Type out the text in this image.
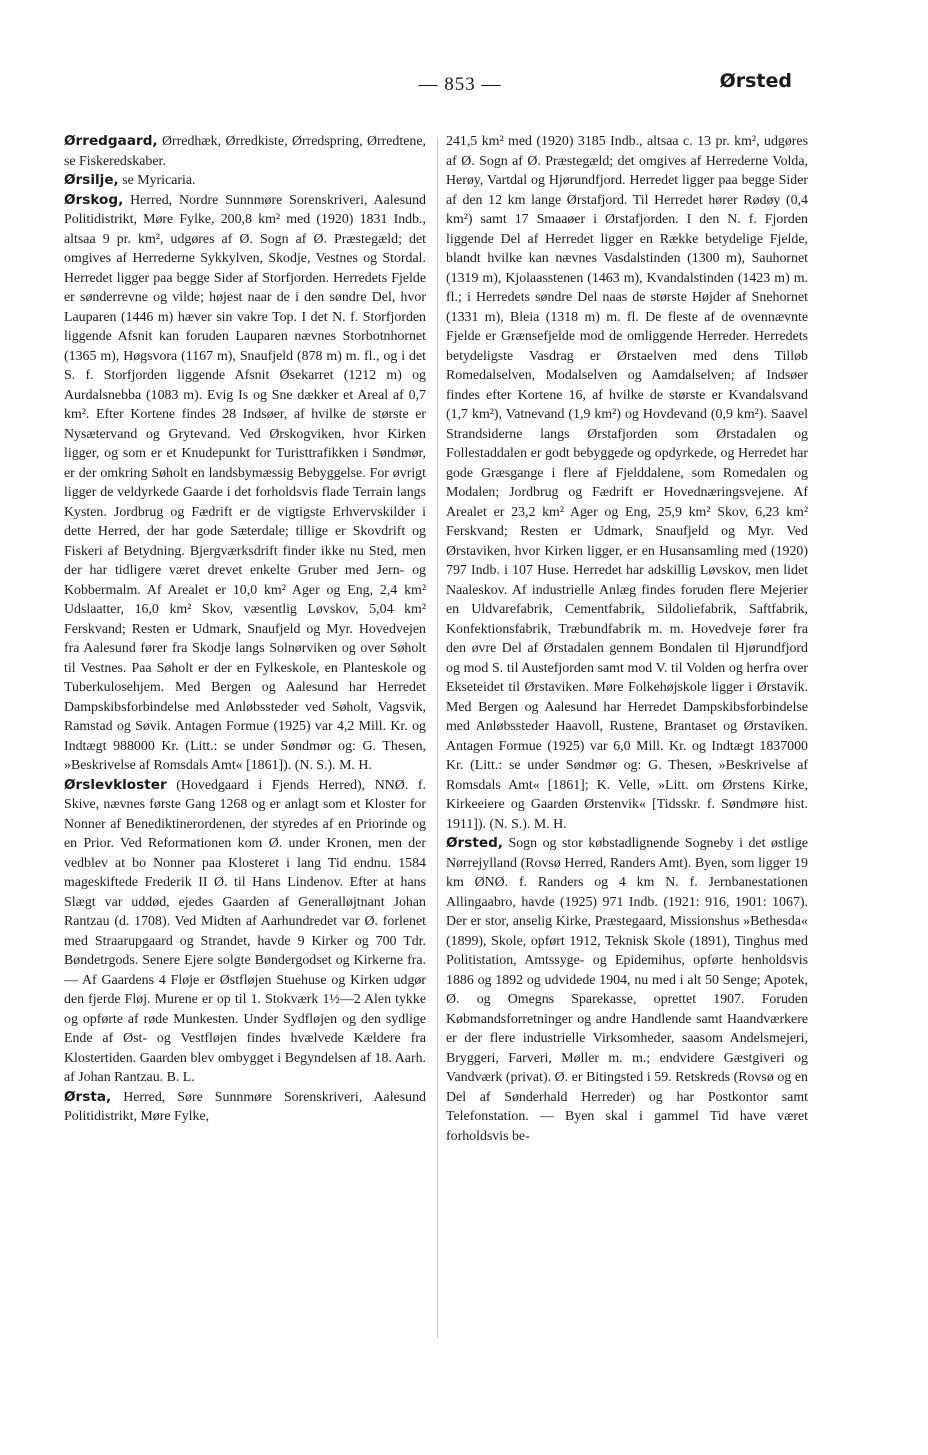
— 853 —	Ørsted

Ørredgaard, Ørredhæk, Ørredkiste, Ørredspring, Ørredtene, se Fiskeredskaber.

Ørsilje, se Myricaria.

Ørskog, Herred, Nordre Sunnmøre Sorenskriveri, Aalesund Politidistrikt, Møre Fylke, 200,8 km² med (1920) 1831 Indb., altsaa 9 pr. km², udgøres af Ø. Sogn af Ø. Præstegæld; det omgives af Herrederne Sykkylven, Skodje, Vestnes og Stordal. Herredet ligger paa begge Sider af Storfjorden. Herredets Fjelde er sønderrevne og vilde; højest naar de i den søndre Del, hvor Lauparen (1446 m) hæver sin vakre Top. I det N. f. Storfjorden liggende Afsnit kan foruden Lauparen nævnes Storbotnhornet (1365 m), Høgsvora (1167 m), Snaufjeld (878 m) m. fl., og i det S. f. Storfjorden liggende Afsnit Øsekarret (1212 m) og Aurdalsnebba (1083 m). Evig Is og Sne dækker et Areal af 0,7 km². Efter Kortene findes 28 Indsøer, af hvilke de største er Nysætervand og Grytevand. Ved Ørskogviken, hvor Kirken ligger, og som er et Knudepunkt for Turisttrafikken i Søndmør, er der omkring Søholt en landsbymæssig Bebyggelse. For øvrigt ligger de veldyrkede Gaarde i det forholdsvis flade Terrain langs Kysten. Jordbrug og Fædrift er de vigtigste Erhvervskilder i dette Herred, der har gode Sæterdale; tillige er Skovdrift og Fiskeri af Betydning. Bjergværksdrift finder ikke nu Sted, men der har tidligere været drevet enkelte Gruber med Jern- og Kobbermalm. Af Arealet er 10,0 km² Ager og Eng, 2,4 km² Udslaatter, 16,0 km² Skov, væsentlig Løvskov, 5,04 km² Ferskvand; Resten er Udmark, Snaufjeld og Myr. Hovedvejen fra Aalesund fører fra Skodje langs Solnørviken og over Søholt til Vestnes. Paa Søholt er der en Fylkeskole, en Planteskole og Tuberkulosehjem. Med Bergen og Aalesund har Herredet Dampskibsforbindelse med Anløbssteder ved Søholt, Vagsvik, Ramstad og Søvik. Antagen Formue (1925) var 4,2 Mill. Kr. og Indtægt 988000 Kr. (Litt.: se under Søndmør og: G. Thesen, »Beskrivelse af Romsdals Amt« [1861]). (N. S.). M. H.

Ørslevkloster (Hovedgaard i Fjends Herred), NNØ. f. Skive, nævnes første Gang 1268 og er anlagt som et Kloster for Nonner af Benediktinerordenen, der styredes af en Priorinde og en Prior. Ved Reformationen kom Ø. under Kronen, men der vedblev at bo Nonner paa Klosteret i lang Tid endnu. 1584 mageskiftede Frederik II Ø. til Hans Lindenov. Efter at hans Slægt var uddød, ejedes Gaarden af Generalløjtnant Johan Rantzau (d. 1708). Ved Midten af Aarhundredet var Ø. forlenet med Straarupgaard og Strandet, havde 9 Kirker og 700 Tdr. Bøndetrgods. Senere Ejere solgte Bøndergodset og Kirkerne fra. — Af Gaardens 4 Fløje er Østfløjen Stuehuse og Kirken udgør den fjerde Fløj. Murene er op til 1. Stokværk 1½—2 Alen tykke og opførte af røde Munkesten. Under Sydfløjen og den sydlige Ende af Øst- og Vestfløjen findes hvælvede Kældere fra Klostertiden. Gaarden blev ombygget i Begyndelsen af 18. Aarh. af Johan Rantzau. B. L.

Ørsta, Herred, Søre Sunnmøre Sorenskriveri, Aalesund Politidistrikt, Møre Fylke,

241,5 km² med (1920) 3185 Indb., altsaa c. 13 pr. km², udgøres af Ø. Sogn af Ø. Præstegæld; det omgives af Herrederne Volda, Herøy, Vartdal og Hjørundfjord. Herredet ligger paa begge Sider af den 12 km lange Ørstafjord. Til Herredet hører Rødøy (0,4 km²) samt 17 Smaaøer i Ørstafjorden. I den N. f. Fjorden liggende Del af Herredet ligger en Række betydelige Fjelde, blandt hvilke kan nævnes Vasdalstinden (1300 m), Sauhornet (1319 m), Kjolaasstenen (1463 m), Kvandalstinden (1423 m) m. fl.; i Herredets søndre Del naas de største Højder af Snehornet (1331 m), Bleia (1318 m) m. fl. De fleste af de ovennævnte Fjelde er Grænsefjelde mod de omliggende Herreder. Herredets betydeligste Vasdrag er Ørstaelven med dens Tilløb Romedalselven, Modalselven og Aamdalselven; af Indsøer findes efter Kortene 16, af hvilke de største er Kvandalsvand (1,7 km²), Vatnevand (1,9 km²) og Hovdevand (0,9 km²). Saavel Strandsiderne langs Ørstafjorden som Ørstadalen og Follestaddalen er godt bebyggede og opdyrkede, og Herredet har gode Græsgange i flere af Fjelddalene, som Romedalen og Modalen; Jordbrug og Fædrift er Hovednæringsvejene. Af Arealet er 23,2 km² Ager og Eng, 25,9 km² Skov, 6,23 km² Ferskvand; Resten er Udmark, Snaufjeld og Myr. Ved Ørstaviken, hvor Kirken ligger, er en Husansamling med (1920) 797 Indb. i 107 Huse. Herredet har adskillig Løvskov, men lidet Naaleskov. Af industrielle Anlæg findes foruden flere Mejerier en Uldvarefabrik, Cementfabrik, Sildoliefabrik, Saftfabrik, Konfektionsfabrik, Træbundfabrik m. m. Hovedveje fører fra den øvre Del af Ørstadalen gennem Bondalen til Hjørundfjord og mod S. til Austefjorden samt mod V. til Volden og herfra over Ekseteidet til Ørstaviken. Møre Folkehøjskole ligger i Ørstavik. Med Bergen og Aalesund har Herredet Dampskibsforbindelse med Anløbssteder Haavoll, Rustene, Brantaset og Ørstaviken. Antagen Formue (1925) var 6,0 Mill. Kr. og Indtægt 1837000 Kr. (Litt.: se under Søndmør og: G. Thesen, »Beskrivelse af Romsdals Amt« [1861]; K. Velle, »Litt. om Ørstens Kirke, Kirkeeiere og Gaarden Ørstenvik« [Tidsskr. f. Søndmøre hist. 1911]). (N. S.). M. H.

Ørsted, Sogn og stor købstadlignende Sogneby i det østlige Nørrejylland (Rovsø Herred, Randers Amt). Byen, som ligger 19 km ØNØ. f. Randers og 4 km N. f. Jernbanestationen Allingaabro, havde (1925) 971 Indb. (1921: 916, 1901: 1067). Der er stor, anselig Kirke, Præstegaard, Missionshus »Bethesda« (1899), Skole, opført 1912, Teknisk Skole (1891), Tinghus med Politistation, Amtssyge- og Epidemihus, opførte henholdsvis 1886 og 1892 og udvidede 1904, nu med i alt 50 Senge; Apotek, Ø. og Omegns Sparekasse, oprettet 1907. Foruden Købmandsforretninger og andre Handlende samt Haandværkere er der flere industrielle Virksomheder, saasom Andelsmejeri, Bryggeri, Farveri, Møller m. m.; endvidere Gæstgiveri og Vandværk (privat). Ø. er Bitingsted i 59. Retskreds (Rovsø og en Del af Sønderhald Herreder) og har Postkontor samt Telefonstation. — Byen skal i gammel Tid have været forholdsvis be-
